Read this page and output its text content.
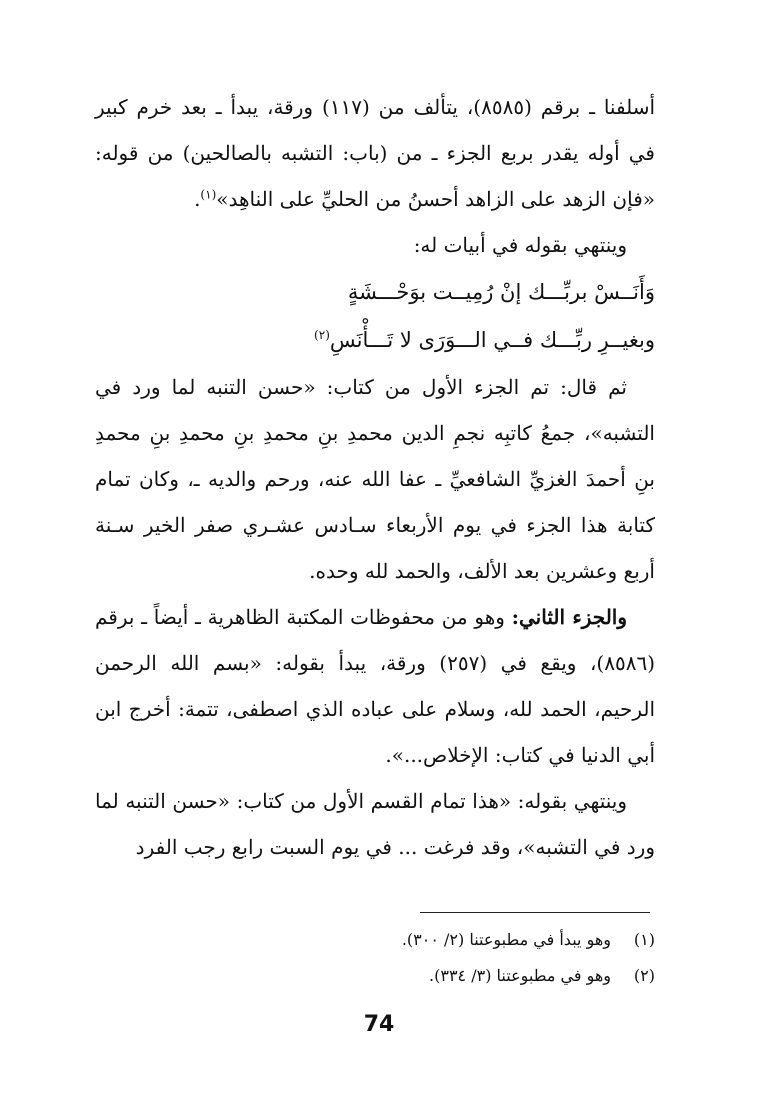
أسلفنا ـ برقم (٨٥٨٥)، يتألف من (١١٧) ورقة، يبدأ ـ بعد خرم كبير في أوله يقدر بربع الجزء ـ من (باب: التشبه بالصالحين) من قوله: «فإن الزهد على الزاهد أحسنُ من الحليِّ على الناهِد»$^{(١)}$.

وينتهي بقوله في أبيات له:

وَأَنَــسْ بربِّـــك إنْ رُمِيــت بوَحْـــشَةٍ

وبغيــرِ ربِّـــك فــي الـــوَرَى لا تَـــأْنَسِ$^{(٢)}$

ثم قال: تم الجزء الأول من كتاب: «حسن التنبه لما ورد في التشبه»، جمعُ كاتبِه نجمِ الدين محمدِ بنِ محمدِ بنِ محمدِ بنِ محمدِ بنِ أحمدَ الغزيِّ الشافعيِّ ـ عفا الله عنه، ورحم والديه ـ، وكان تمام كتابة هذا الجزء في يوم الأربعاء سـادس عشـري صفر الخير سـنة أربع وعشرين بعد الألف، والحمد لله وحده.

والجزء الثاني: وهو من محفوظات المكتبة الظاهرية ـ أيضاً ـ برقم (٨٥٨٦)، ويقع في (٢٥٧) ورقة، يبدأ بقوله: «بسم الله الرحمن الرحيم، الحمد لله، وسلام على عباده الذي اصطفى، تتمة: أخرج ابن أبي الدنيا في كتاب: الإخلاص...».

وينتهي بقوله: «هذا تمام القسم الأول من كتاب: «حسن التنبه لما ورد في التشبه»، وقد فرغت ... في يوم السبت رابع رجب الفرد

(١)وهو يبدأ في مطبوعتنا (٢/ ٣٠٠).

(٢)وهو في مطبوعتنا (٣/ ٣٣٤).

74
